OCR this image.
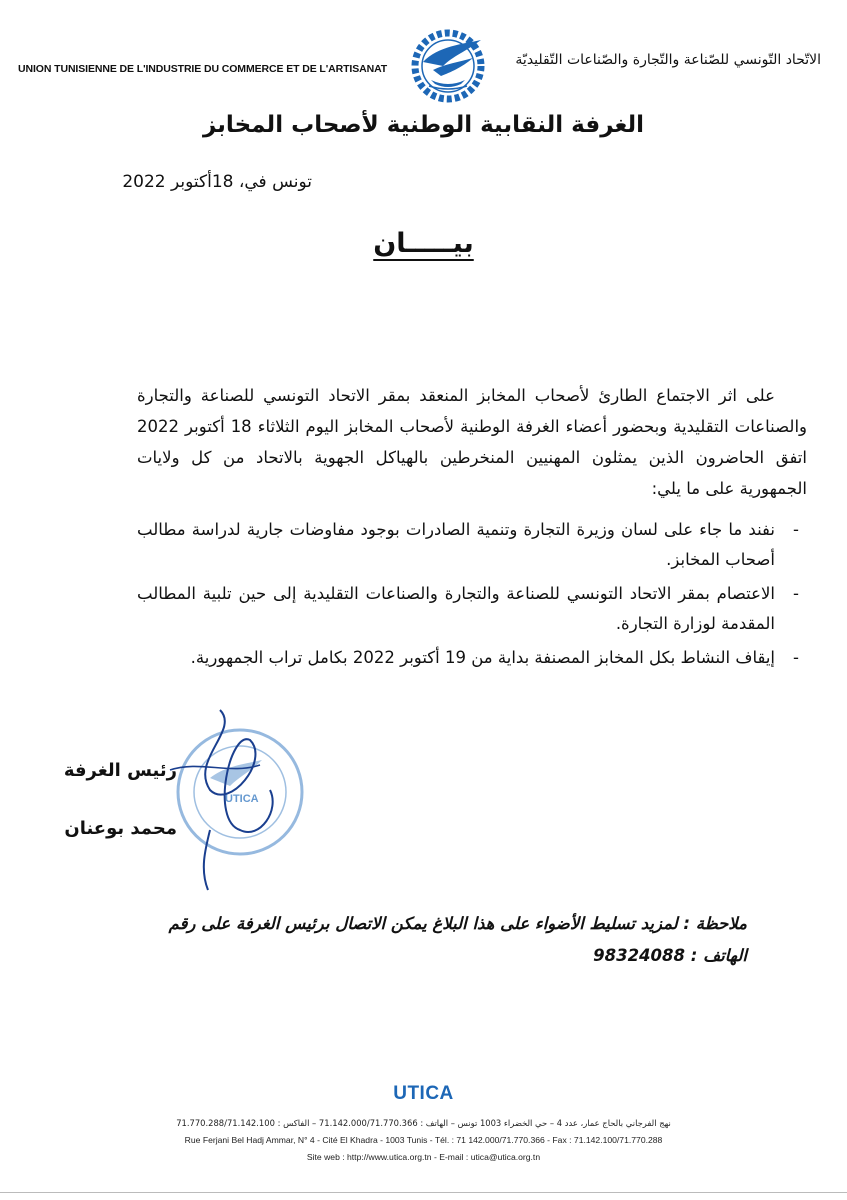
UNION TUNISIENNE DE L'INDUSTRIE DU COMMERCE ET DE L'ARTISANAT
الاتّحاد التّونسي للصّناعة والتّجارة والصّناعات التّقليديّة
الغرفة النقابية الوطنية لأصحاب المخابز
تونس في، 18أكتوبر 2022
بيـــــان
على اثر الاجتماع الطارئ لأصحاب المخابز المنعقد بمقر الاتحاد التونسي للصناعة والتجارة والصناعات التقليدية وبحضور أعضاء الغرفة الوطنية لأصحاب المخابز اليوم الثلاثاء 18 أكتوبر 2022 اتفق الحاضرون الذين يمثلون المهنيين المنخرطين بالهياكل الجهوية بالاتحاد من كل ولايات الجمهورية على ما يلي:
-
نفند ما جاء على لسان وزيرة التجارة وتنمية الصادرات بوجود مفاوضات جارية لدراسة مطالب أصحاب المخابز.
-
الاعتصام بمقر الاتحاد التونسي للصناعة والتجارة والصناعات التقليدية إلى حين تلبية المطالب المقدمة لوزارة التجارة.
-
إيقاف النشاط بكل المخابز المصنفة بداية من 19 أكتوبر 2022 بكامل تراب الجمهورية.
UTICA
رئيس الغرفة
محمد بوعنان
ملاحظة : لمزيد تسليط الأضواء على هذا البلاغ يمكن الاتصال برئيس الغرفة على رقم
الهاتف : 98324088
UTICA
نهج الفرجاني بالحاج عمار، عدد 4 – حي الخضراء 1003 تونس – الهاتف : 71.142.000/71.770.366 – الفاكس : 71.770.288/71.142.100
Rue Ferjani Bel Hadj Ammar, N° 4 - Cité El Khadra - 1003 Tunis - Tél. : 71 142.000/71.770.366 - Fax : 71.142.100/71.770.288
Site web : http://www.utica.org.tn - E-mail : utica@utica.org.tn
